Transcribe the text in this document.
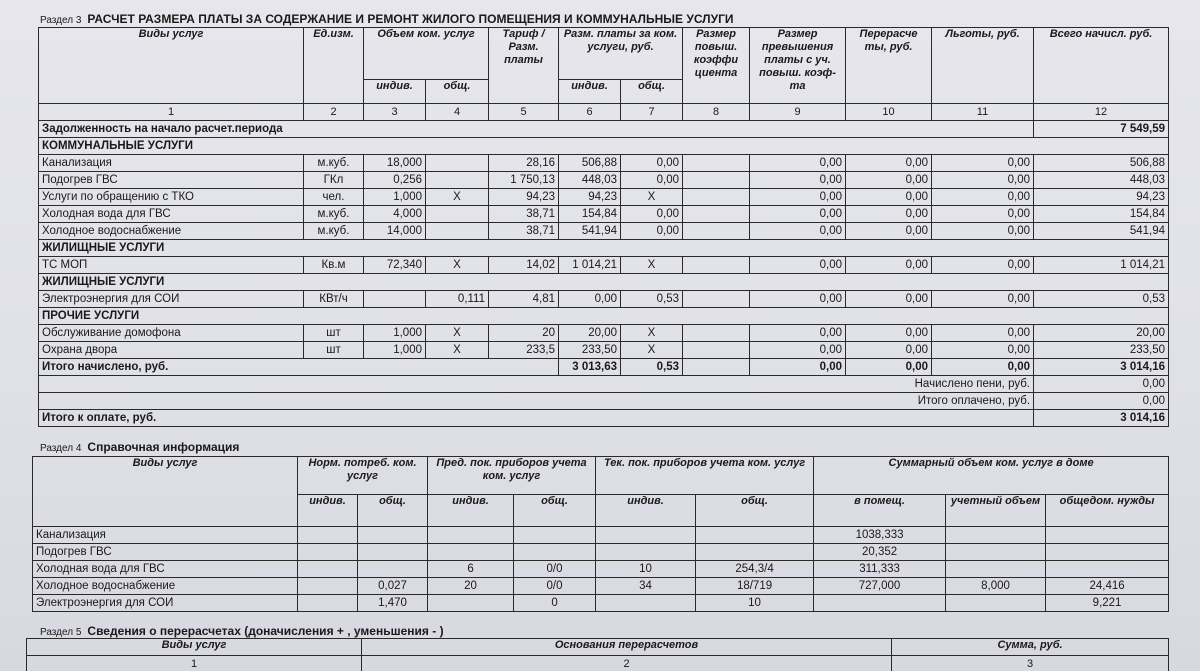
Раздел 3 РАСЧЕТ РАЗМЕРА ПЛАТЫ ЗА СОДЕРЖАНИЕ И РЕМОНТ ЖИЛОГО ПОМЕЩЕНИЯ И КОММУНАЛЬНЫЕ УСЛУГИ
Виды услуг	Ед.изм.	Объем ком. услуг		Тариф / Разм. платы	Разм. платы за ком. услуги, руб.		Размер повыш. коэффи циента	Размер превышения платы с уч. повыш. коэф-та	Перерасче ты, руб.	Льготы, руб.	Всего начисл. руб.
		индив.	общ.		индив.	общ.					
1	2	3	4	5	6	7	8	9	10	11	12
Задолженность на начало расчет.периода											7 549,59
КОММУНАЛЬНЫЕ УСЛУГИ											
Канализация	м.куб.	18,000		28,16	506,88	0,00		0,00	0,00	0,00	506,88
Подогрев ГВС	ГКл	0,256		1 750,13	448,03	0,00		0,00	0,00	0,00	448,03
Услуги по обращению с ТКО	чел.	1,000	X	94,23	94,23	X		0,00	0,00	0,00	94,23
Холодная вода для ГВС	м.куб.	4,000		38,71	154,84	0,00		0,00	0,00	0,00	154,84
Холодное водоснабжение	м.куб.	14,000		38,71	541,94	0,00		0,00	0,00	0,00	541,94
ЖИЛИЩНЫЕ УСЛУГИ											
ТС МОП	Кв.м	72,340	X	14,02	1 014,21	X		0,00	0,00	0,00	1 014,21
ЖИЛИЩНЫЕ УСЛУГИ											
Электроэнергия для СОИ	КВт/ч		0,111	4,81	0,00	0,53		0,00	0,00	0,00	0,53
ПРОЧИЕ УСЛУГИ											
Обслуживание домофона	шт	1,000	X	20	20,00	X		0,00	0,00	0,00	20,00
Охрана двора	шт	1,000	X	233,5	233,50	X		0,00	0,00	0,00	233,50
Итого начислено, руб.					3 013,63	0,53		0,00	0,00	0,00	3 014,16
Начислено пени, руб.											0,00
Итого оплачено, руб.											0,00
Итого к оплате, руб.											3 014,16
Раздел 4 Справочная информация
Виды услуг	Норм. потреб. ком. услуг		Пред. пок. приборов учета ком. услуг		Тек. пок. приборов учета ком. услуг		Суммарный объем ком. услуг в доме		
	индив.	общ.	индив.	общ.	индив.	общ.	в помещ.	учетный объем	общедом. нужды
Канализация							1038,333		
Подогрев ГВС							20,352		
Холодная вода для ГВС			6	0/0	10	254,3/4	311,333		
Холодное водоснабжение		0,027	20	0/0	34	18/719	727,000	8,000	24,416
Электроэнергия для СОИ		1,470		0		10			9,221
Раздел 5 Сведения о перерасчетах (доначисления + , уменьшения - )
Виды услуг	Основания перерасчетов	Сумма, руб.
1	2	3
